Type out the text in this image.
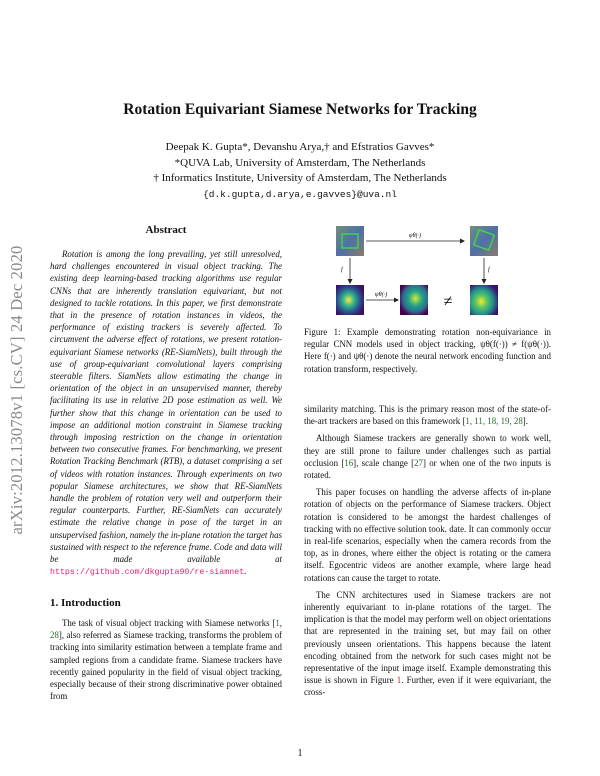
arXiv:2012.13078v1 [cs.CV] 24 Dec 2020
Rotation Equivariant Siamese Networks for Tracking
Deepak K. Gupta*, Devanshu Arya,† and Efstratios Gavves*
*QUVA Lab, University of Amsterdam, The Netherlands
† Informatics Institute, University of Amsterdam, The Netherlands
{d.k.gupta,d.arya,e.gavves}@uva.nl
Abstract

Rotation is among the long prevailing, yet still unresolved, hard challenges encountered in visual object tracking. The existing deep learning-based tracking algorithms use regular CNNs that are inherently translation equivariant, but not designed to tackle rotations. In this paper, we first demonstrate that in the presence of rotation instances in videos, the performance of existing trackers is severely affected. To circumvent the adverse effect of rotations, we present rotation-equivariant Siamese networks (RE-SiamNets), built through the use of group-equivariant convolutional layers comprising steerable filters. SiamNets allow estimating the change in orientation of the object in an unsupervised manner, thereby facilitating its use in relative 2D pose estimation as well. We further show that this change in orientation can be used to impose an additional motion constraint in Siamese tracking through imposing restriction on the change in orientation between two consecutive frames. For benchmarking, we present Rotation Tracking Benchmark (RTB), a dataset comprising a set of videos with rotation instances. Through experiments on two popular Siamese architectures, we show that RE-SiamNets handle the problem of rotation very well and outperform their regular counterparts. Further, RE-SiamNets can accurately estimate the relative change in pose of the target in an unsupervised fashion, namely the in-plane rotation the target has sustained with respect to the reference frame. Code and data will be made available at https://github.com/dkgupta90/re-siamnet.

1. Introduction

The task of visual object tracking with Siamese networks [1, 28], also referred as Siamese tracking, transforms the problem of tracking into similarity estimation between a template frame and sampled regions from a candidate frame. Siamese trackers have recently gained popularity in the field of visual object tracking, especially because of their strong discriminative power obtained from

ψθ(·)
f	f
ψθ(·)	≠
Figure 1: Example demonstrating rotation non-equivariance in regular CNN models used in object tracking, ψθ(f(·)) ≠ f(ψθ(·)). Here f(·) and ψθ(·) denote the neural network encoding function and rotation transform, respectively.

similarity matching. This is the primary reason most of the state-of-the-art trackers are based on this framework [1, 11, 18, 19, 28].

Although Siamese trackers are generally shown to work well, they are still prone to failure under challenges such as partial occlusion [16], scale change [27] or when one of the two inputs is rotated.

This paper focuses on handling the adverse affects of in-plane rotation of objects on the performance of Siamese trackers. Object rotation is considered to be amongst the hardest challenges of tracking with no effective solution took. date. It can commonly occur in real-life scenarios, especially when the camera records from the top, as in drones, where either the object is rotating or the camera itself. Egocentric videos are another example, where large head rotations can cause the target to rotate.

The CNN architectures used in Siamese trackers are not inherently equivariant to in-plane rotations of the target. The implication is that the model may perform well on object orientations that are represented in the training set, but may fail on other previously unseen orientations. This happens because the latent encoding obtained from the network for such cases might not be representative of the input image itself. Example demonstrating this issue is shown in Figure 1. Further, even if it were equivariant, the cross-

1
